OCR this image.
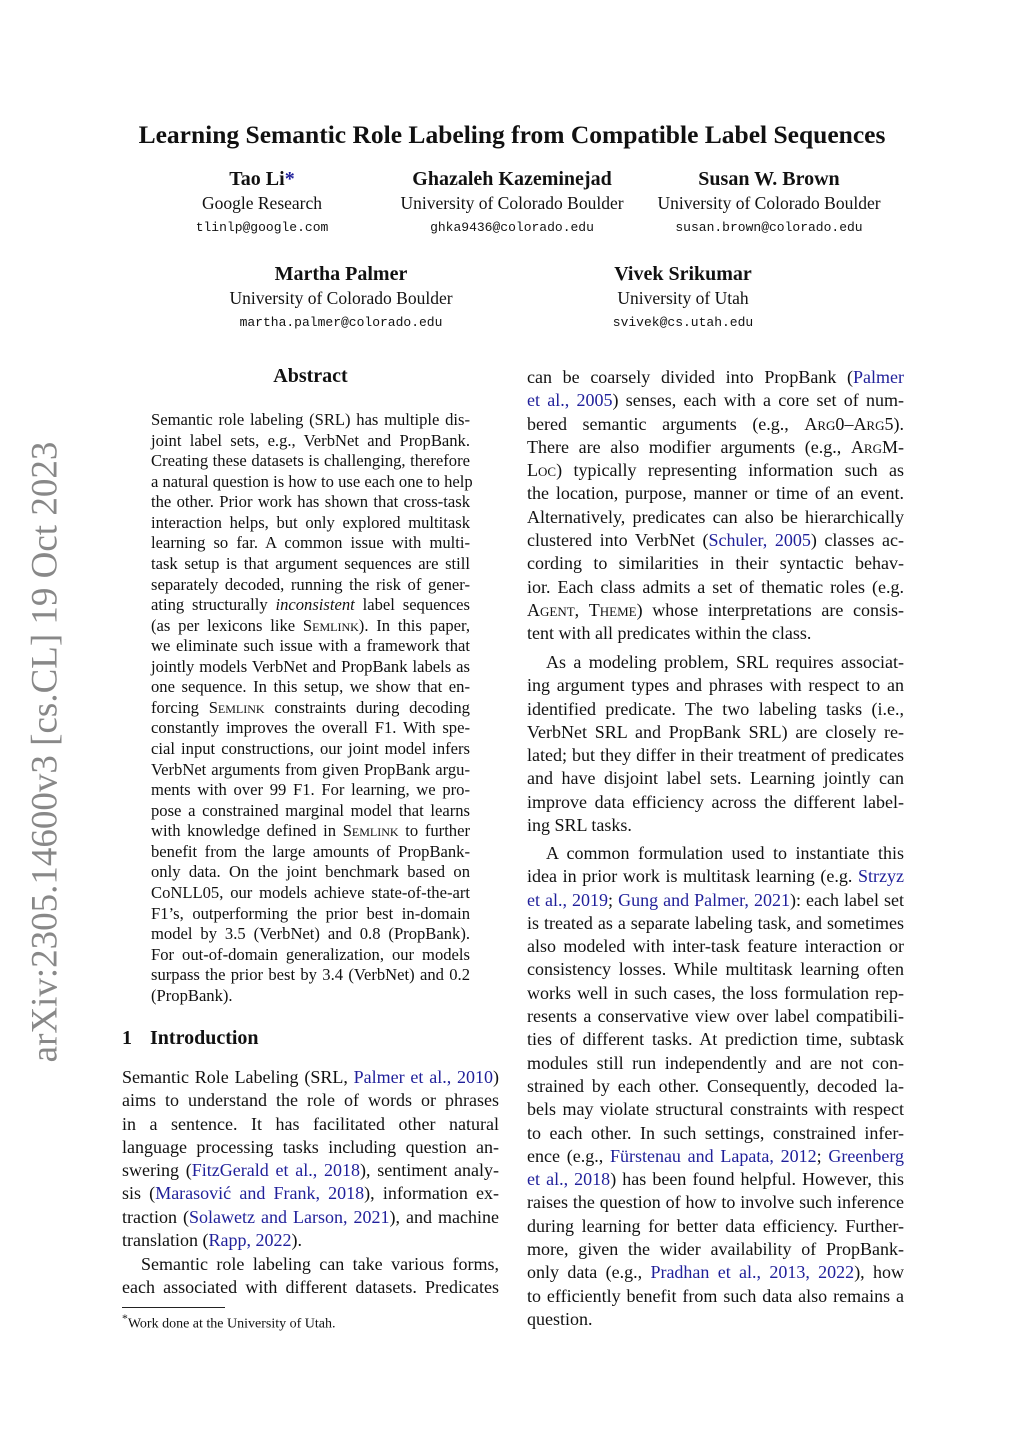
arXiv:2305.14600v3 [cs.CL] 19 Oct 2023
Learning Semantic Role Labeling from Compatible Label Sequences
Tao Li*
Google Research
tlinlp@google.com
Ghazaleh Kazeminejad
University of Colorado Boulder
ghka9436@colorado.edu
Susan W. Brown
University of Colorado Boulder
susan.brown@colorado.edu
Martha Palmer
University of Colorado Boulder
martha.palmer@colorado.edu
Vivek Srikumar
University of Utah
svivek@cs.utah.edu
Abstract
Semantic role labeling (SRL) has multiple dis-
joint label sets, e.g., VerbNet and PropBank.
Creating these datasets is challenging, therefore
a natural question is how to use each one to help
the other. Prior work has shown that cross-task
interaction helps, but only explored multitask
learning so far. A common issue with multi-
task setup is that argument sequences are still
separately decoded, running the risk of gener-
ating structurally inconsistent label sequences
(as per lexicons like Semlink). In this paper,
we eliminate such issue with a framework that
jointly models VerbNet and PropBank labels as
one sequence. In this setup, we show that en-
forcing Semlink constraints during decoding
constantly improves the overall F1. With spe-
cial input constructions, our joint model infers
VerbNet arguments from given PropBank argu-
ments with over 99 F1. For learning, we pro-
pose a constrained marginal model that learns
with knowledge defined in Semlink to further
benefit from the large amounts of PropBank-
only data. On the joint benchmark based on
CoNLL05, our models achieve state-of-the-art
F1’s, outperforming the prior best in-domain
model by 3.5 (VerbNet) and 0.8 (PropBank).
For out-of-domain generalization, our models
surpass the prior best by 3.4 (VerbNet) and 0.2
(PropBank).
1 Introduction
Semantic Role Labeling (SRL, Palmer et al., 2010)
aims to understand the role of words or phrases
in a sentence. It has facilitated other natural
language processing tasks including question an-
swering (FitzGerald et al., 2018), sentiment analy-
sis (Marasović and Frank, 2018), information ex-
traction (Solawetz and Larson, 2021), and machine
translation (Rapp, 2022).
Semantic role labeling can take various forms,
each associated with different datasets. Predicates
*Work done at the University of Utah.
can be coarsely divided into PropBank (Palmer
et al., 2005) senses, each with a core set of num-
bered semantic arguments (e.g., Arg0–Arg5).
There are also modifier arguments (e.g., ArgM-
Loc) typically representing information such as
the location, purpose, manner or time of an event.
Alternatively, predicates can also be hierarchically
clustered into VerbNet (Schuler, 2005) classes ac-
cording to similarities in their syntactic behav-
ior. Each class admits a set of thematic roles (e.g.
Agent, Theme) whose interpretations are consis-
tent with all predicates within the class.
As a modeling problem, SRL requires associat-
ing argument types and phrases with respect to an
identified predicate. The two labeling tasks (i.e.,
VerbNet SRL and PropBank SRL) are closely re-
lated; but they differ in their treatment of predicates
and have disjoint label sets. Learning jointly can
improve data efficiency across the different label-
ing SRL tasks.
A common formulation used to instantiate this
idea in prior work is multitask learning (e.g. Strzyz
et al., 2019; Gung and Palmer, 2021): each label set
is treated as a separate labeling task, and sometimes
also modeled with inter-task feature interaction or
consistency losses. While multitask learning often
works well in such cases, the loss formulation rep-
resents a conservative view over label compatibili-
ties of different tasks. At prediction time, subtask
modules still run independently and are not con-
strained by each other. Consequently, decoded la-
bels may violate structural constraints with respect
to each other. In such settings, constrained infer-
ence (e.g., Fürstenau and Lapata, 2012; Greenberg
et al., 2018) has been found helpful. However, this
raises the question of how to involve such inference
during learning for better data efficiency. Further-
more, given the wider availability of PropBank-
only data (e.g., Pradhan et al., 2013, 2022), how
to efficiently benefit from such data also remains a
question.
